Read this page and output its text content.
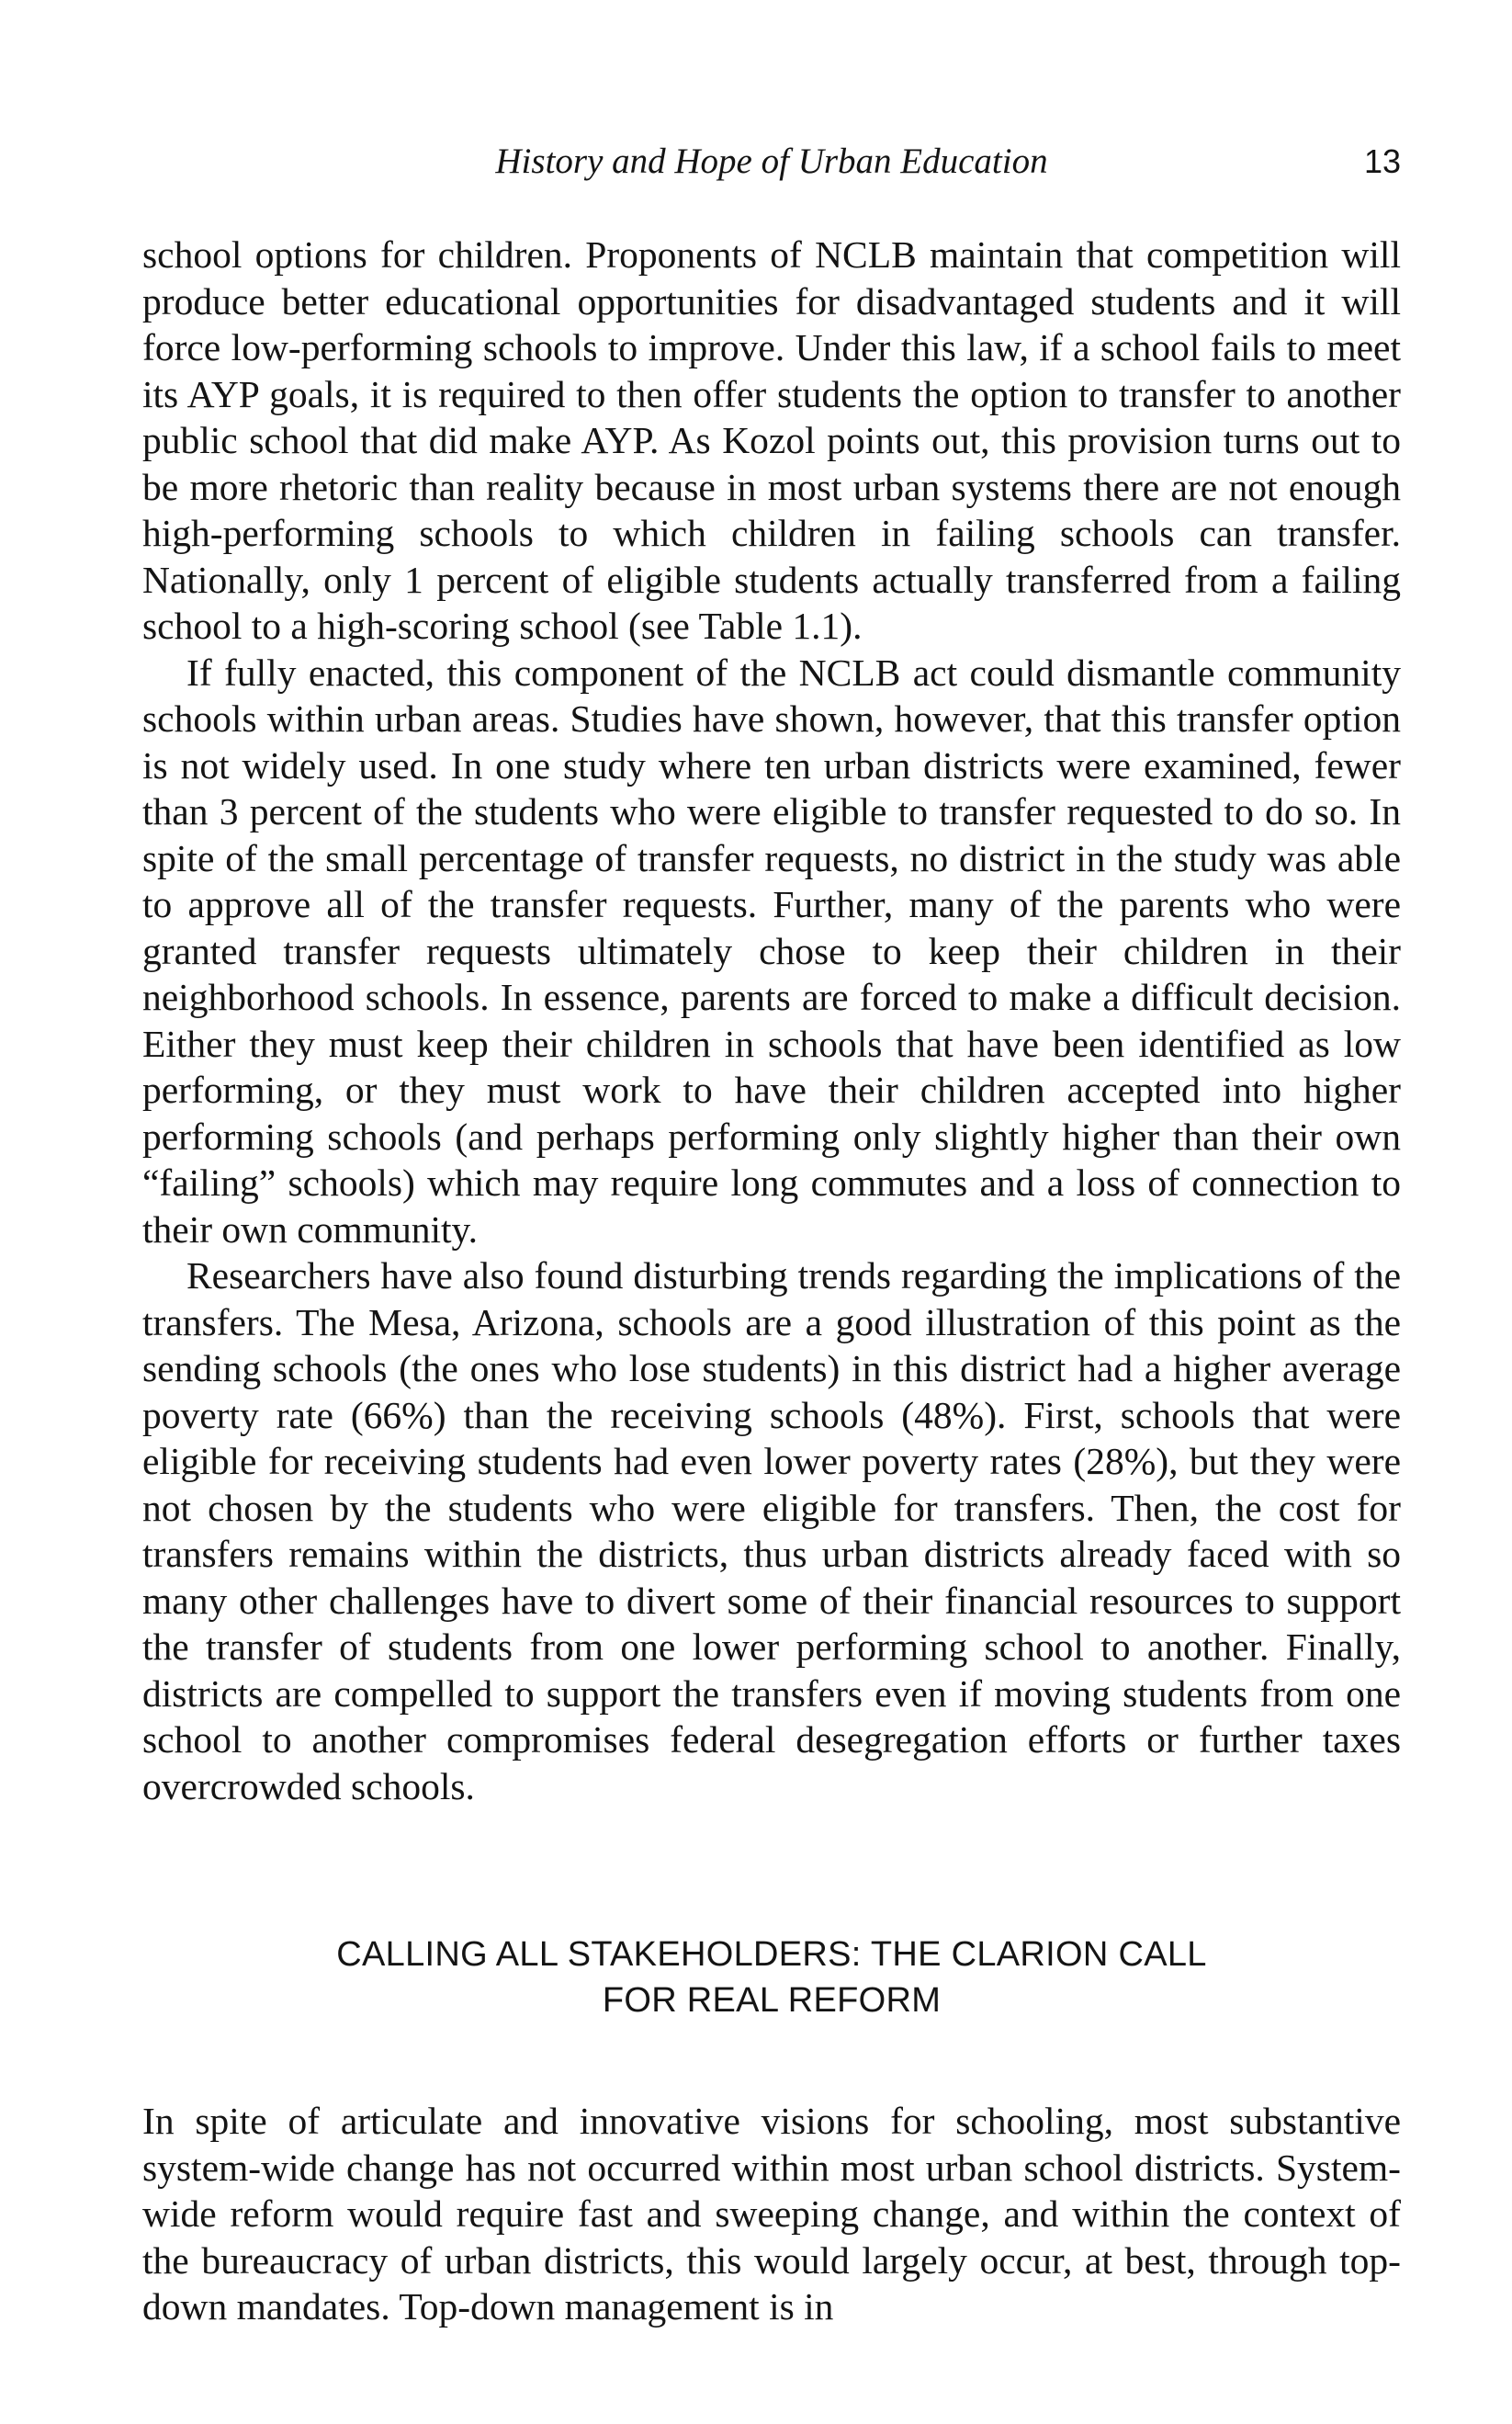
History and Hope of Urban Education	13

school options for children. Proponents of NCLB maintain that competition will produce better educational opportunities for disadvantaged students and it will force low-performing schools to improve. Under this law, if a school fails to meet its AYP goals, it is required to then offer students the option to transfer to another public school that did make AYP. As Kozol points out, this provision turns out to be more rhetoric than reality because in most urban systems there are not enough high-performing schools to which children in failing schools can transfer. Nationally, only 1 percent of eligible students actually transferred from a failing school to a high-scoring school (see Table 1.1).

If fully enacted, this component of the NCLB act could dismantle community schools within urban areas. Studies have shown, however, that this transfer option is not widely used. In one study where ten urban districts were examined, fewer than 3 percent of the students who were eligible to transfer requested to do so. In spite of the small percentage of transfer requests, no district in the study was able to approve all of the transfer requests. Further, many of the parents who were granted transfer requests ultimately chose to keep their children in their neighborhood schools. In essence, parents are forced to make a difficult decision. Either they must keep their children in schools that have been identified as low performing, or they must work to have their children accepted into higher performing schools (and perhaps performing only slightly higher than their own “failing” schools) which may require long commutes and a loss of connection to their own community.

Researchers have also found disturbing trends regarding the implications of the transfers. The Mesa, Arizona, schools are a good illustration of this point as the sending schools (the ones who lose students) in this district had a higher average poverty rate (66%) than the receiving schools (48%). First, schools that were eligible for receiving students had even lower poverty rates (28%), but they were not chosen by the students who were eligible for transfers. Then, the cost for transfers remains within the districts, thus urban districts already faced with so many other challenges have to divert some of their financial resources to support the transfer of students from one lower performing school to another. Finally, districts are compelled to support the transfers even if moving students from one school to another compromises federal desegregation efforts or further taxes overcrowded schools.

CALLING ALL STAKEHOLDERS: THE CLARION CALL
FOR REAL REFORM

In spite of articulate and innovative visions for schooling, most substantive system-wide change has not occurred within most urban school districts. System-wide reform would require fast and sweeping change, and within the context of the bureaucracy of urban districts, this would largely occur, at best, through top-down mandates. Top-down management is in
